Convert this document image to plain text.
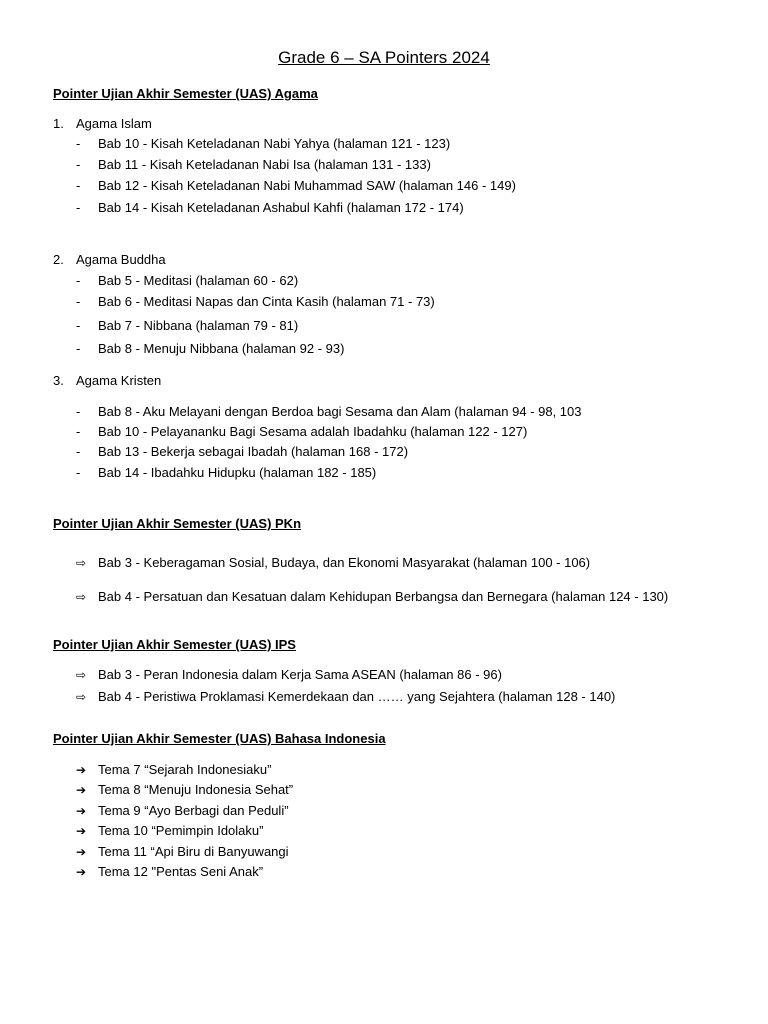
Grade 6 – SA Pointers 2024
Pointer Ujian Akhir Semester (UAS) Agama
1. Agama Islam
- Bab 10 - Kisah Keteladanan Nabi Yahya (halaman 121 - 123)
- Bab 11 - Kisah Keteladanan Nabi Isa (halaman 131 - 133)
- Bab 12 - Kisah Keteladanan Nabi Muhammad SAW (halaman 146 - 149)
- Bab 14 - Kisah Keteladanan Ashabul Kahfi (halaman 172 - 174)
2. Agama Buddha
- Bab 5 - Meditasi (halaman 60 - 62)
- Bab 6 - Meditasi Napas dan Cinta Kasih (halaman 71 - 73)
- Bab 7 - Nibbana (halaman 79 - 81)
- Bab 8 - Menuju Nibbana (halaman 92 - 93)
3. Agama Kristen
- Bab 8 - Aku Melayani dengan Berdoa bagi Sesama dan Alam (halaman 94 - 98, 103
- Bab 10 - Pelayananku Bagi Sesama adalah Ibadahku (halaman 122 - 127)
- Bab 13 - Bekerja sebagai Ibadah (halaman 168 - 172)
- Bab 14 - Ibadahku Hidupku (halaman 182 - 185)
Pointer Ujian Akhir Semester (UAS) PKn
⇨ Bab 3 - Keberagaman Sosial, Budaya, dan Ekonomi Masyarakat (halaman 100 - 106)
⇨ Bab 4 - Persatuan dan Kesatuan dalam Kehidupan Berbangsa dan Bernegara (halaman 124 - 130)
Pointer Ujian Akhir Semester (UAS) IPS
⇨ Bab 3 - Peran Indonesia dalam Kerja Sama ASEAN (halaman 86 - 96)
⇨ Bab 4 - Peristiwa Proklamasi Kemerdekaan dan …… yang Sejahtera (halaman 128 - 140)
Pointer Ujian Akhir Semester (UAS) Bahasa Indonesia
➔ Tema 7 “Sejarah Indonesiaku”
➔ Tema 8 “Menuju Indonesia Sehat”
➔ Tema 9 “Ayo Berbagi dan Peduli”
➔ Tema 10 “Pemimpin Idolaku”
➔ Tema 11 “Api Biru di Banyuwangi
➔ Tema 12 "Pentas Seni Anak”
